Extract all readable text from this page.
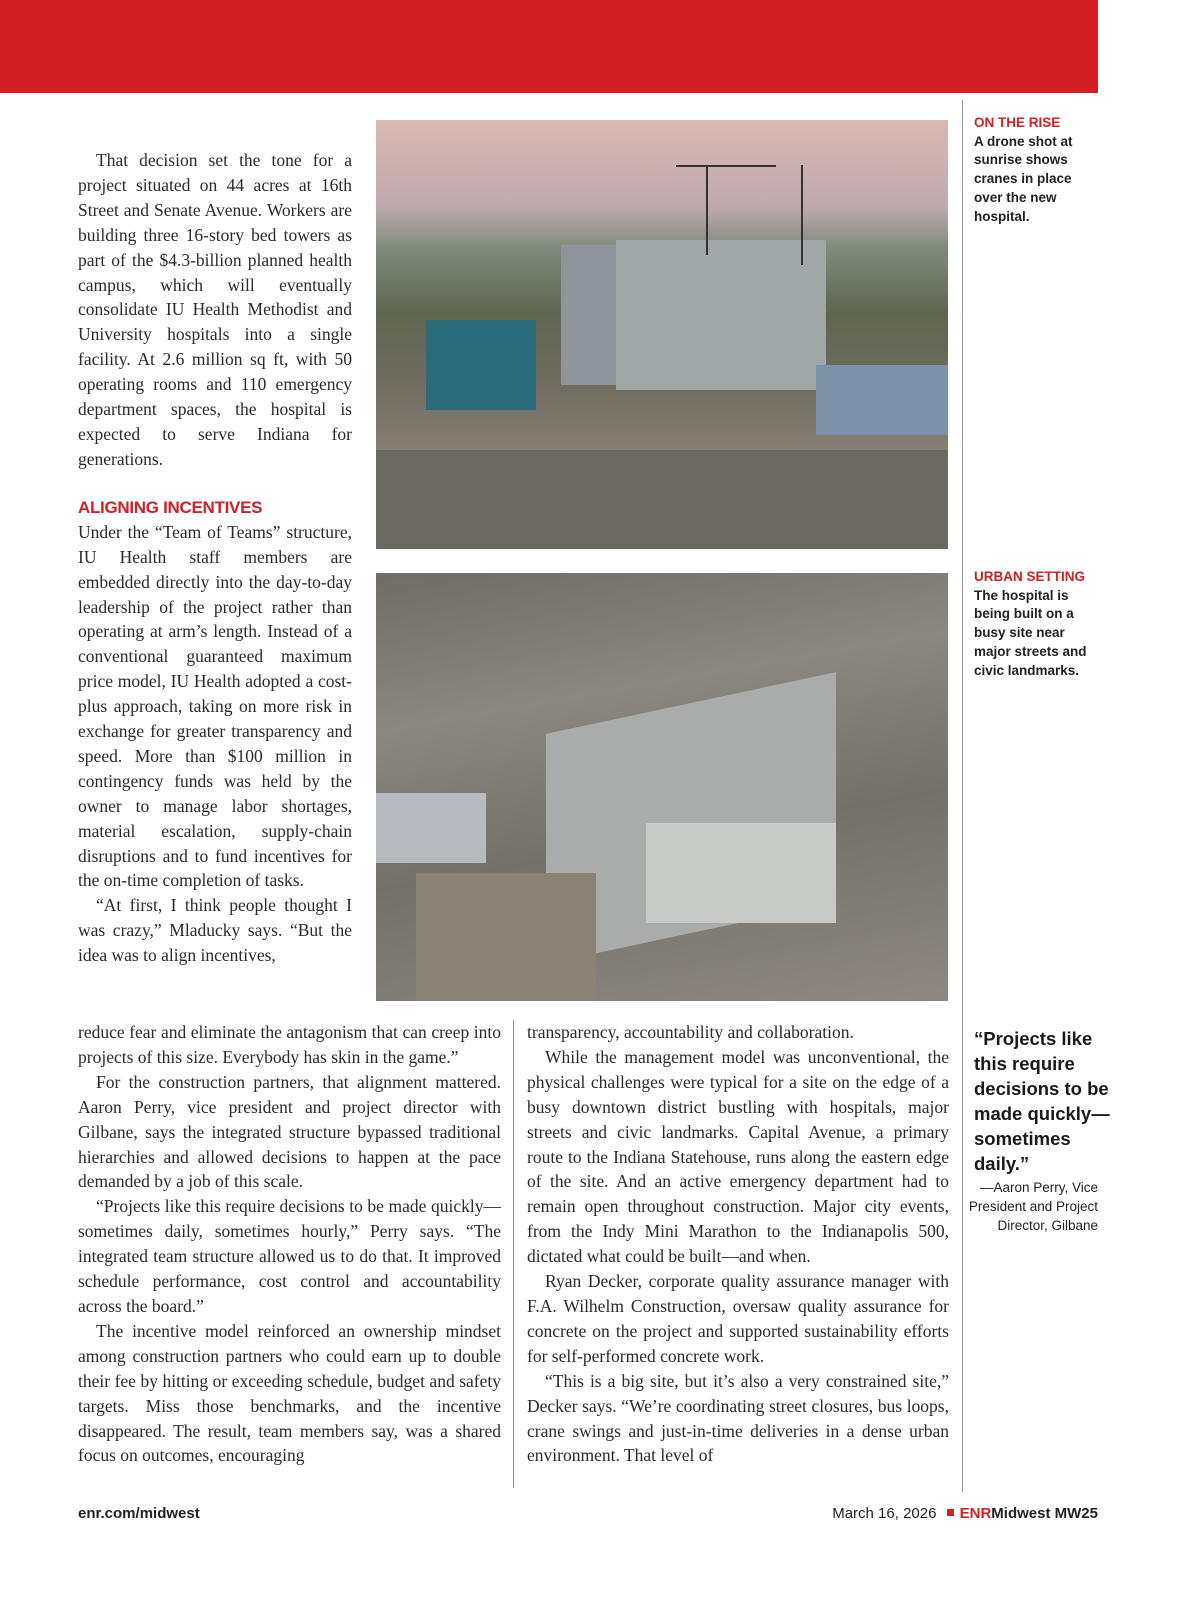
That decision set the tone for a project situated on 44 acres at 16th Street and Senate Avenue. Workers are building three 16-story bed towers as part of the $4.3-billion planned health campus, which will eventually consolidate IU Health Methodist and University hospitals into a single facility. At 2.6 million sq ft, with 50 operating rooms and 110 emergency department spaces, the hospital is expected to serve Indiana for generations.

ALIGNING INCENTIVES

Under the “Team of Teams” structure, IU Health staff members are embedded directly into the day-to-day leadership of the project rather than operating at arm’s length. Instead of a conventional guaranteed maximum price model, IU Health adopted a cost-plus approach, taking on more risk in exchange for greater transparency and speed. More than $100 million in contingency funds was held by the owner to manage labor shortages, material escalation, supply-chain disruptions and to fund incentives for the on-time completion of tasks.

“At first, I think people thought I was crazy,” Mladucky says. “But the idea was to align incentives,

reduce fear and eliminate the antagonism that can creep into projects of this size. Everybody has skin in the game.”

For the construction partners, that alignment mattered. Aaron Perry, vice president and project director with Gilbane, says the integrated structure bypassed traditional hierarchies and allowed decisions to happen at the pace demanded by a job of this scale.

“Projects like this require decisions to be made quickly—sometimes daily, sometimes hourly,” Perry says. “The integrated team structure allowed us to do that. It improved schedule performance, cost control and accountability across the board.”

The incentive model reinforced an ownership mindset among construction partners who could earn up to double their fee by hitting or exceeding schedule, budget and safety targets. Miss those benchmarks, and the incentive disappeared. The result, team members say, was a shared focus on outcomes, encouraging

transparency, accountability and collaboration.

While the management model was unconventional, the physical challenges were typical for a site on the edge of a busy downtown district bustling with hospitals, major streets and civic landmarks. Capital Avenue, a primary route to the Indiana Statehouse, runs along the eastern edge of the site. And an active emergency department had to remain open throughout construction. Major city events, from the Indy Mini Marathon to the Indianapolis 500, dictated what could be built—and when.

Ryan Decker, corporate quality assurance manager with F.A. Wilhelm Construction, oversaw quality assurance for concrete on the project and supported sustainability efforts for self-performed concrete work.

“This is a big site, but it’s also a very constrained site,” Decker says. “We’re coordinating street closures, bus loops, crane swings and just-in-time deliveries in a dense urban environment. That level of

enr.com/midwest	March 16, 2026 ENRMidwest MW25
ON THE RISE
A drone shot at sunrise shows cranes in place over the new hospital.
URBAN SETTING
The hospital is being built on a busy site near major streets and civic landmarks.
“Projects like this require decisions to be made quickly—sometimes daily.”
—Aaron Perry, Vice President and Project Director, Gilbane
